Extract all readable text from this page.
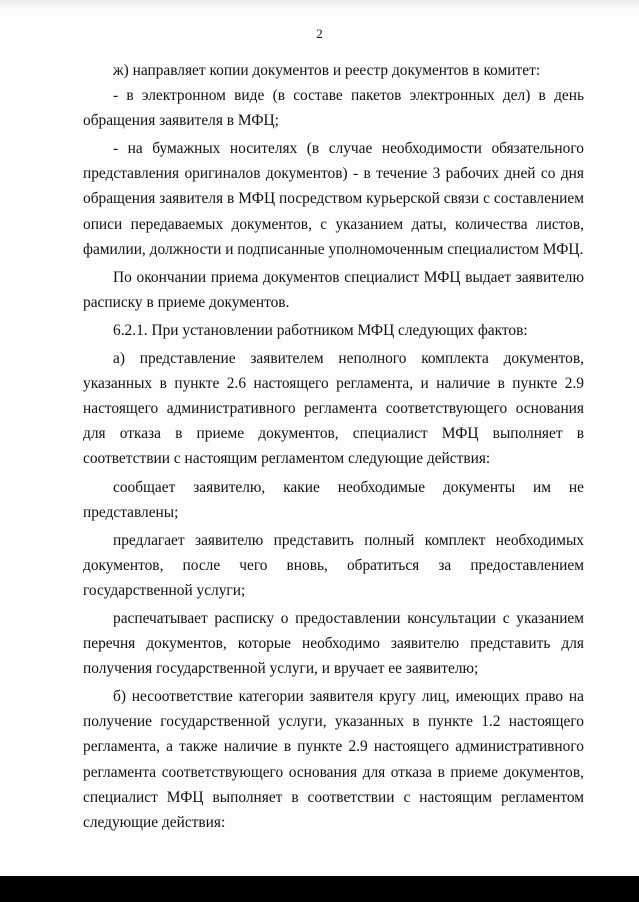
2

ж) направляет копии документов и реестр документов в комитет:

- в электронном виде (в составе пакетов электронных дел) в день обращения заявителя в МФЦ;

- на бумажных носителях (в случае необходимости обязательного представления оригиналов документов) - в течение 3 рабочих дней со дня обращения заявителя в МФЦ посредством курьерской связи с составлением описи передаваемых документов, с указанием даты, количества листов, фамилии, должности и подписанные уполномоченным специалистом МФЦ.

По окончании приема документов специалист МФЦ выдает заявителю расписку в приеме документов.

6.2.1. При установлении работником МФЦ следующих фактов:

а) представление заявителем неполного комплекта документов, указанных в пункте 2.6 настоящего регламента, и наличие в пункте 2.9 настоящего административного регламента соответствующего основания для отказа в приеме документов, специалист МФЦ выполняет в соответствии с настоящим регламентом следующие действия:

сообщает заявителю, какие необходимые документы им не представлены;

предлагает заявителю представить полный комплект необходимых документов, после чего вновь, обратиться за предоставлением государственной услуги;

распечатывает расписку о предоставлении консультации с указанием перечня документов, которые необходимо заявителю представить для получения государственной услуги, и вручает ее заявителю;

б) несоответствие категории заявителя кругу лиц, имеющих право на получение государственной услуги, указанных в пункте 1.2 настоящего регламента, а также наличие в пункте 2.9 настоящего административного регламента соответствующего основания для отказа в приеме документов, специалист МФЦ выполняет в соответствии с настоящим регламентом следующие действия:
